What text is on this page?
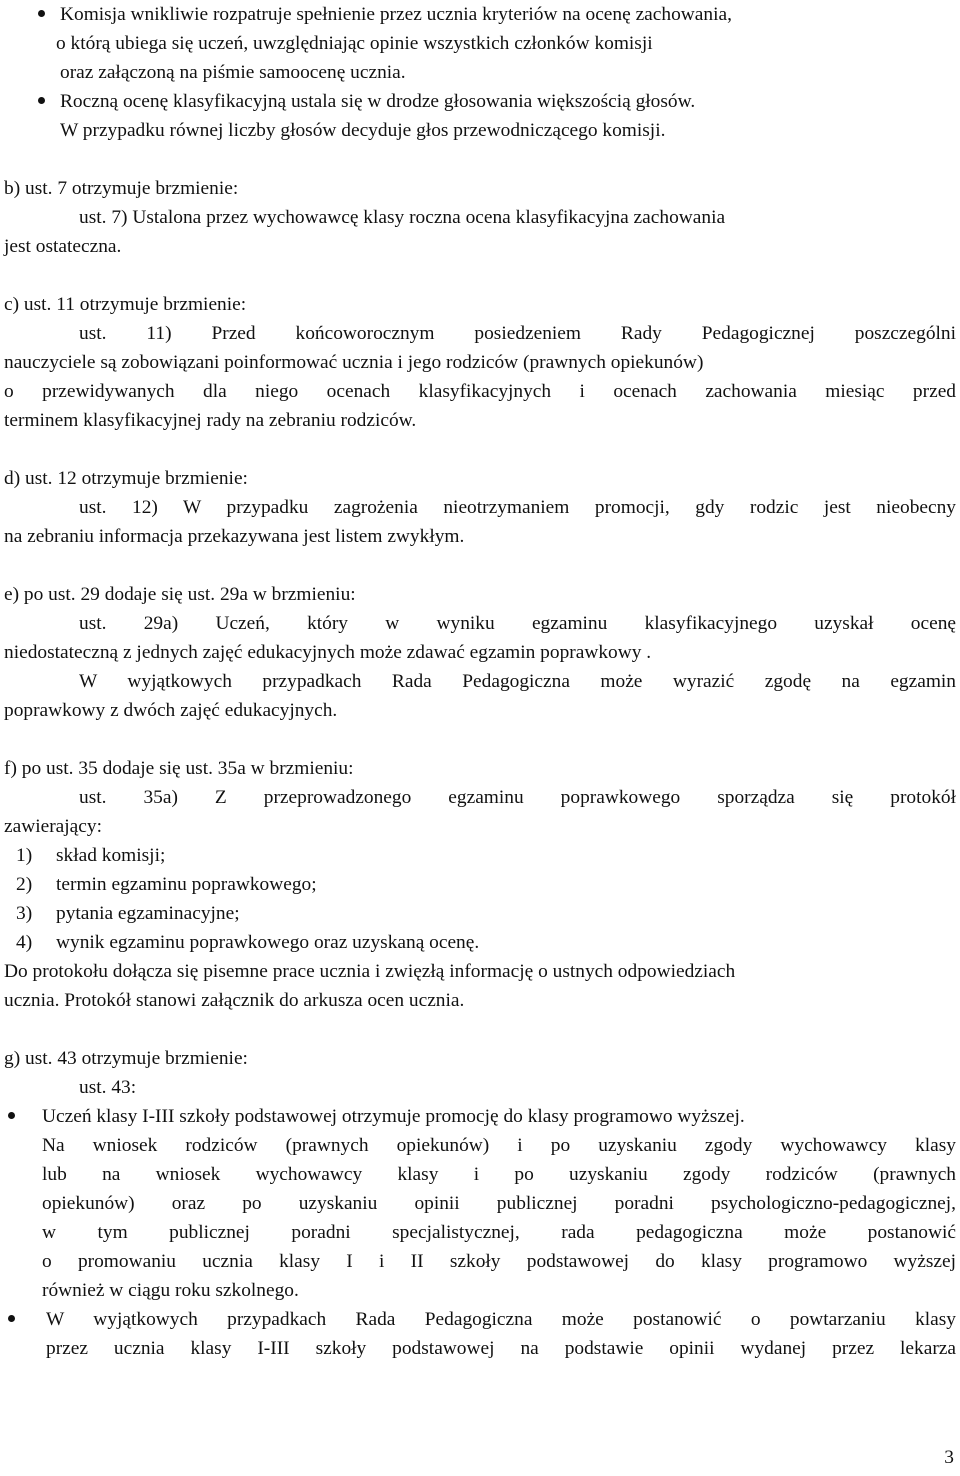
Komisja wnikliwie rozpatruje spełnienie przez ucznia kryteriów na ocenę zachowania,
o którą ubiega się uczeń, uwzględniając opinie wszystkich członków komisji
oraz załączoną na piśmie samoocenę ucznia.
Roczną ocenę klasyfikacyjną ustala się w drodze głosowania większością głosów.
W przypadku równej liczby głosów decyduje głos przewodniczącego komisji.
b) ust. 7 otrzymuje brzmienie:
ust. 7) Ustalona przez wychowawcę klasy roczna ocena klasyfikacyjna zachowania
jest ostateczna.
c) ust. 11 otrzymuje brzmienie:
ust. 11) Przed końcoworocznym posiedzeniem Rady Pedagogicznej poszczególni
nauczyciele są zobowiązani poinformować ucznia i jego rodziców (prawnych opiekunów)
o przewidywanych dla niego ocenach klasyfikacyjnych i ocenach zachowania miesiąc przed
terminem klasyfikacyjnej rady na zebraniu rodziców.
d) ust. 12 otrzymuje brzmienie:
ust. 12) W przypadku zagrożenia nieotrzymaniem promocji, gdy rodzic jest nieobecny
na zebraniu informacja przekazywana jest listem zwykłym.
e) po ust. 29 dodaje się ust. 29a w brzmieniu:
ust. 29a) Uczeń, który w wyniku egzaminu klasyfikacyjnego uzyskał ocenę
niedostateczną z jednych zajęć edukacyjnych może zdawać egzamin poprawkowy .
W wyjątkowych przypadkach Rada Pedagogiczna może wyrazić zgodę na egzamin
poprawkowy z dwóch zajęć edukacyjnych.
f) po ust. 35 dodaje się ust. 35a w brzmieniu:
ust. 35a) Z przeprowadzonego egzaminu poprawkowego sporządza się protokół
zawierający:
1) skład komisji;
2) termin egzaminu poprawkowego;
3) pytania egzaminacyjne;
4) wynik egzaminu poprawkowego oraz uzyskaną ocenę.
Do protokołu dołącza się pisemne prace ucznia i zwięzłą informację o ustnych odpowiedziach
ucznia. Protokół stanowi załącznik do arkusza ocen ucznia.
g) ust. 43 otrzymuje brzmienie:
ust. 43:
Uczeń klasy I-III szkoły podstawowej otrzymuje promocję do klasy programowo wyższej.
Na wniosek rodziców (prawnych opiekunów) i po uzyskaniu zgody wychowawcy klasy
lub na wniosek wychowawcy klasy i po uzyskaniu zgody rodziców (prawnych
opiekunów) oraz po uzyskaniu opinii publicznej poradni psychologiczno-pedagogicznej,
w tym publicznej poradni specjalistycznej, rada pedagogiczna może postanowić
o promowaniu ucznia klasy I i II szkoły podstawowej do klasy programowo wyższej
również w ciągu roku szkolnego.
W wyjątkowych przypadkach Rada Pedagogiczna może postanowić o powtarzaniu klasy
przez ucznia klasy I-III szkoły podstawowej na podstawie opinii wydanej przez lekarza
3
